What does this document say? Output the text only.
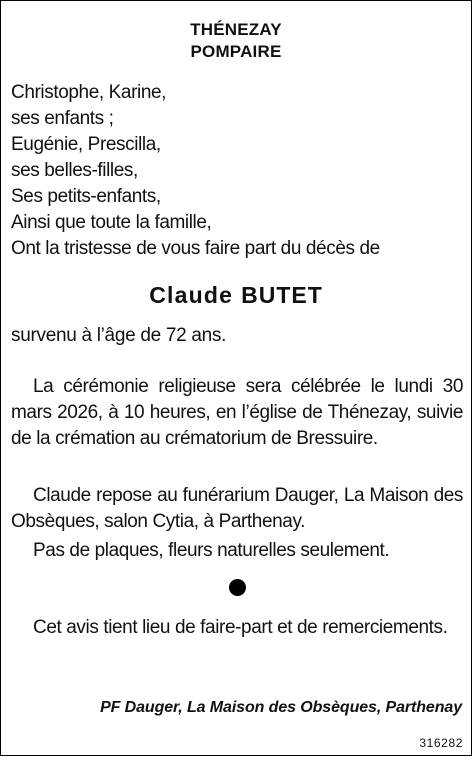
THÉNEZAY
POMPAIRE
Christophe, Karine,
ses enfants ;
Eugénie, Prescilla,
ses belles-filles,
Ses petits-enfants,
Ainsi que toute la famille,
Ont la tristesse de vous faire part du décès de
Claude BUTET
survenu à l’âge de 72 ans.
La cérémonie religieuse sera célébrée le lundi 30 mars 2026, à 10 heures, en l’église de Thénezay, suivie de la crémation au crématorium de Bressuire.
Claude repose au funérarium Dauger, La Maison des Obsèques, salon Cytia, à Parthenay.
Pas de plaques, fleurs naturelles seulement.
Cet avis tient lieu de faire-part et de remerciements.
PF Dauger, La Maison des Obsèques, Parthenay
316282
